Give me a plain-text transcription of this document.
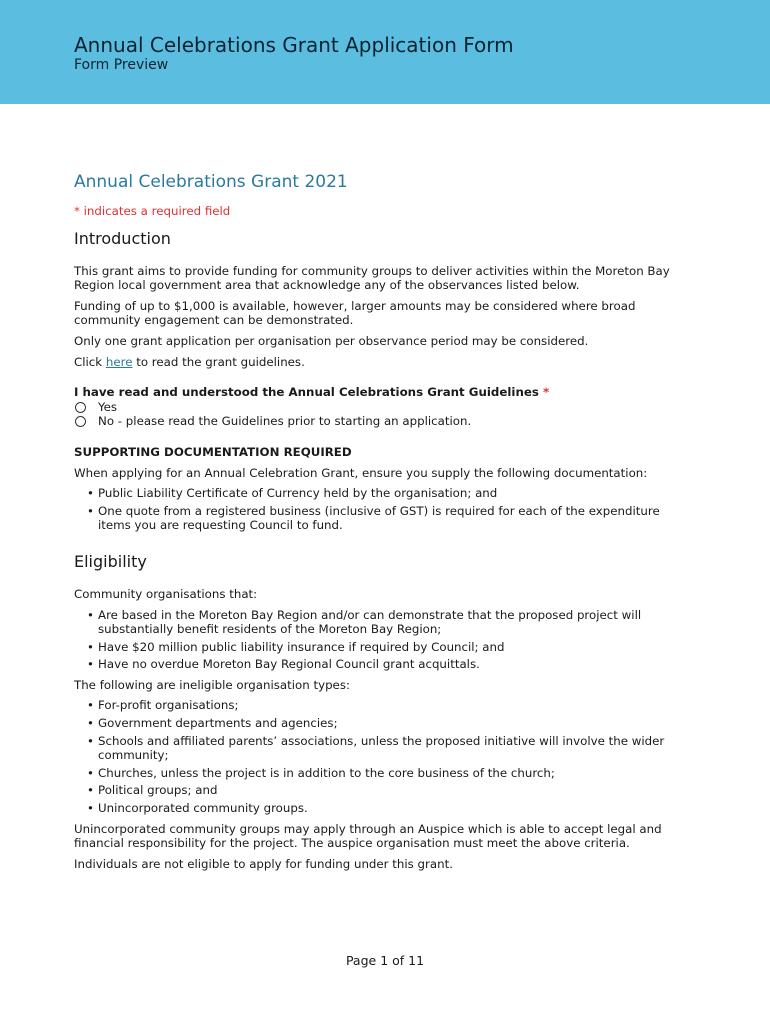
Annual Celebrations Grant Application Form
Form Preview
Annual Celebrations Grant 2021
* indicates a required field
Introduction

This grant aims to provide funding for community groups to deliver activities within the Moreton Bay Region local government area that acknowledge any of the observances listed below.

Funding of up to $1,000 is available, however, larger amounts may be considered where broad community engagement can be demonstrated.

Only one grant application per organisation per observance period may be considered.

Click here to read the grant guidelines.

I have read and understood the Annual Celebrations Grant Guidelines *
Yes
No - please read the Guidelines prior to starting an application.
SUPPORTING DOCUMENTATION REQUIRED

When applying for an Annual Celebration Grant, ensure you supply the following documentation:

• Public Liability Certificate of Currency held by the organisation; and
• One quote from a registered business (inclusive of GST) is required for each of the expenditure items you are requesting Council to fund.
Eligibility

Community organisations that:

• Are based in the Moreton Bay Region and/or can demonstrate that the proposed project will substantially benefit residents of the Moreton Bay Region;
• Have $20 million public liability insurance if required by Council; and
• Have no overdue Moreton Bay Regional Council grant acquittals.

The following are ineligible organisation types:

• For-profit organisations;
• Government departments and agencies;
• Schools and affiliated parents’ associations, unless the proposed initiative will involve the wider community;
• Churches, unless the project is in addition to the core business of the church;
• Political groups; and
• Unincorporated community groups.

Unincorporated community groups may apply through an Auspice which is able to accept legal and financial responsibility for the project. The auspice organisation must meet the above criteria.

Individuals are not eligible to apply for funding under this grant.

Page 1 of 11
